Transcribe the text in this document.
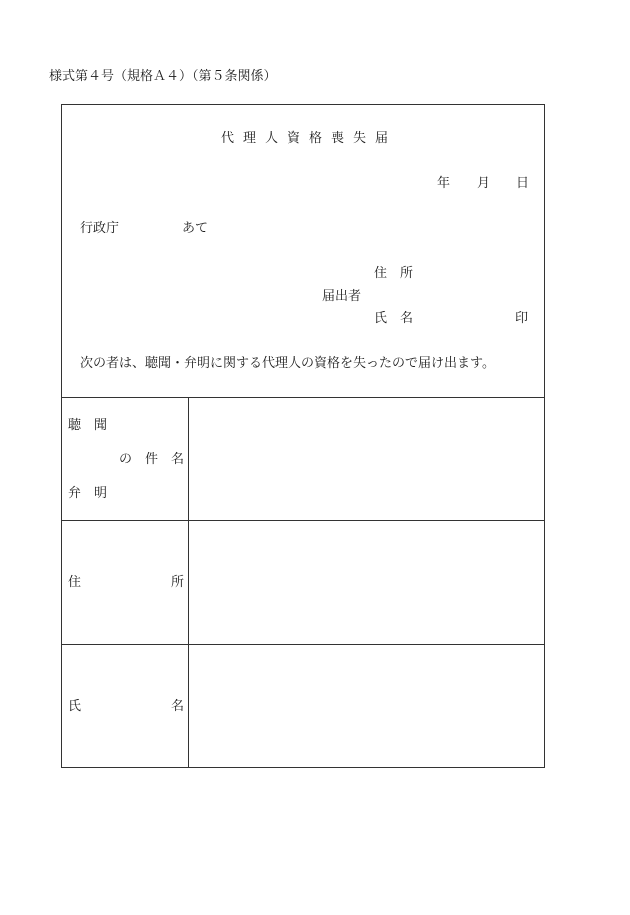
様式第４号（規格Ａ４）（第５条関係）
代理人資格喪失届
年 月 日
行政庁	あて
住　所
届出者
氏　名	印
次の者は、聴聞・弁明に関する代理人の資格を失ったので届け出ます。
聴　聞
の　件　名
弁　明
住	所
氏	名
